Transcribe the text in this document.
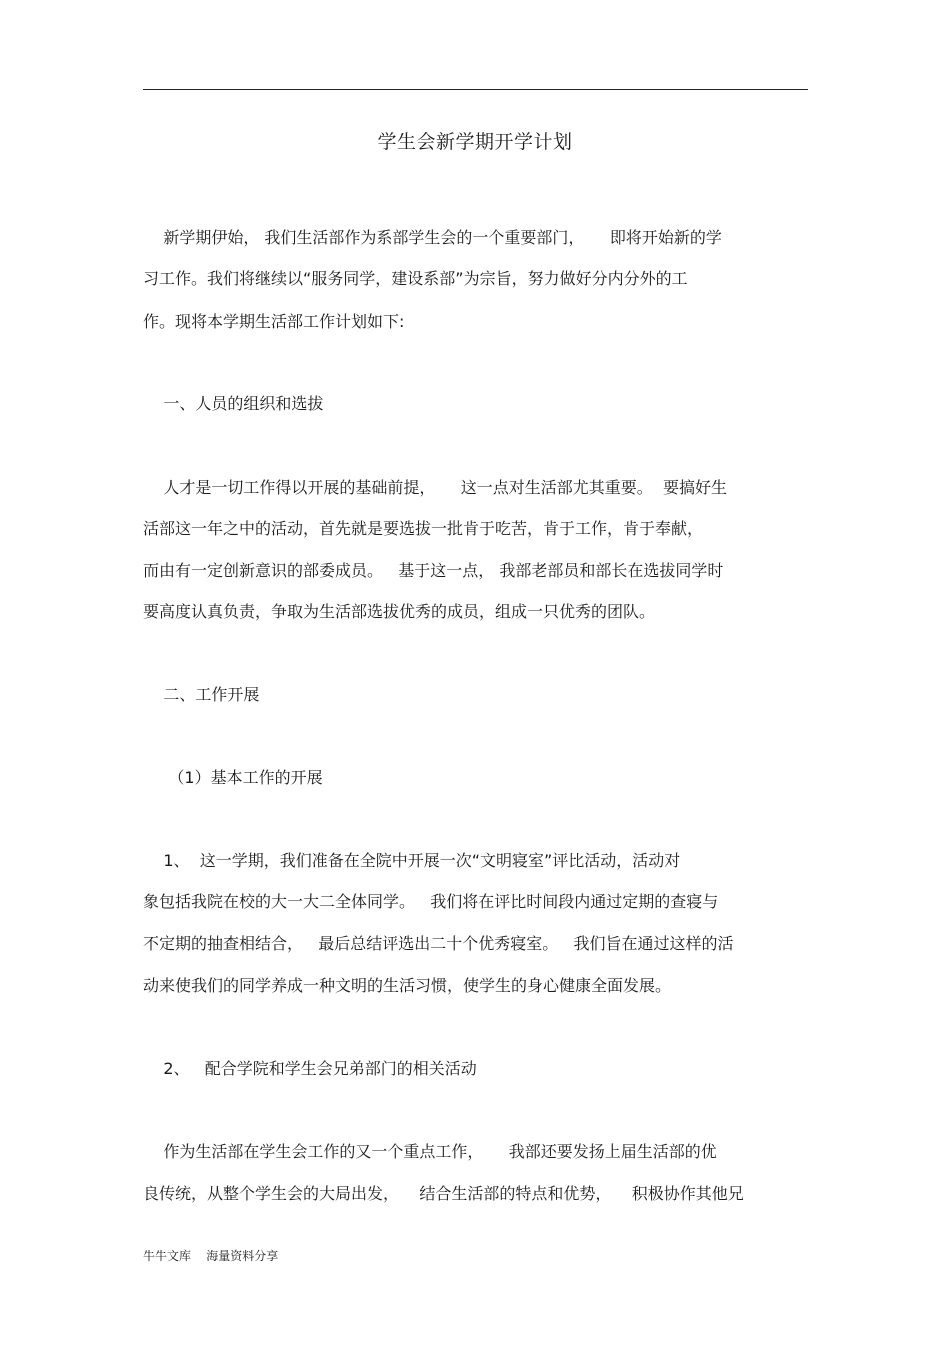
学生会新学期开学计划
新学期伊始， 我们生活部作为系部学生会的一个重要部门，     即将开始新的学
习工作。我们将继续以“服务同学，建设系部”为宗旨，努力做好分内分外的工
作。现将本学期生活部工作计划如下:
一、人员的组织和选拔
人才是一切工作得以开展的基础前提，     这一点对生活部尤其重要。  要搞好生
活部这一年之中的活动，首先就是要选拔一批肯于吃苦，肯于工作，肯于奉献，
而由有一定创新意识的部委成员。   基于这一点， 我部老部员和部长在选拔同学时
要高度认真负责，争取为生活部选拔优秀的成员，组成一只优秀的团队。
二、工作开展
（1）基本工作的开展
1、  这一学期，我们准备在全院中开展一次“文明寝室”评比活动，活动对
象包括我院在校的大一大二全体同学。   我们将在评比时间段内通过定期的查寝与
不定期的抽查相结合，   最后总结评选出二十个优秀寝室。   我们旨在通过这样的活
动来使我们的同学养成一种文明的生活习惯，使学生的身心健康全面发展。
2、   配合学院和学生会兄弟部门的相关活动
作为生活部在学生会工作的又一个重点工作，     我部还要发扬上届生活部的优
良传统，从整个学生会的大局出发，    结合生活部的特点和优势，    积极协作其他兄
牛牛文库    海量资料分享
